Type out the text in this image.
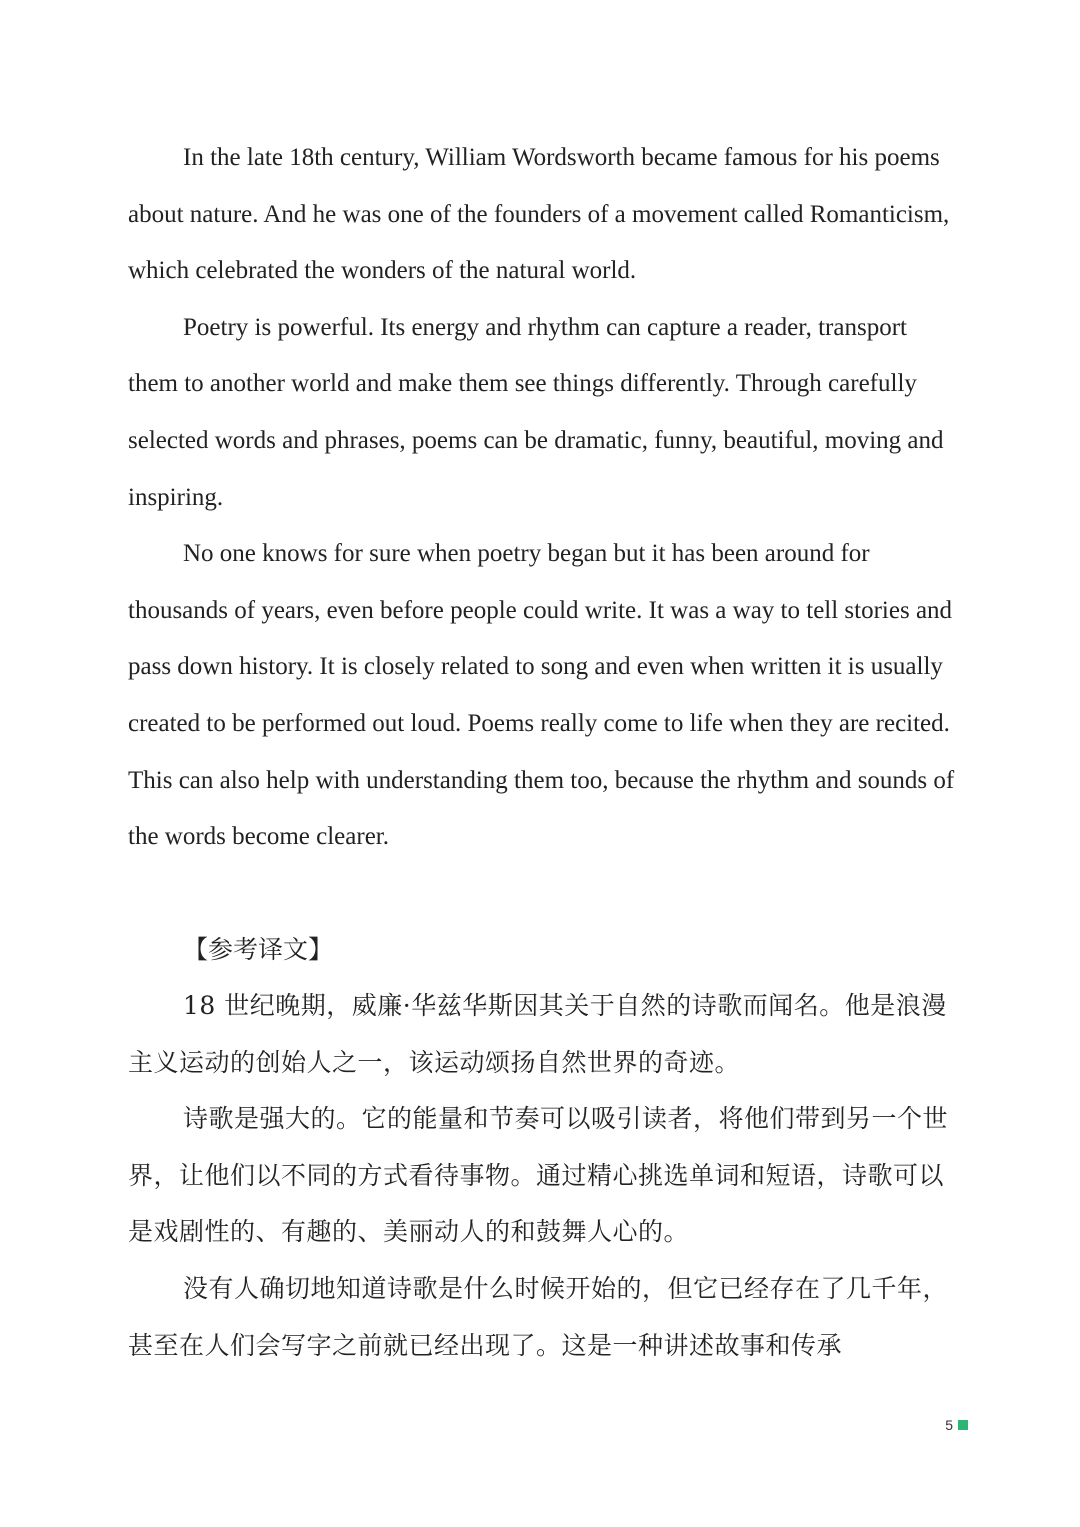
In the late 18th century, William Wordsworth became famous for his poems about nature. And he was one of the founders of a movement called Romanticism, which celebrated the wonders of the natural world.

Poetry is powerful. Its energy and rhythm can capture a reader, transport them to another world and make them see things differently. Through carefully selected words and phrases, poems can be dramatic, funny, beautiful, moving and inspiring.

No one knows for sure when poetry began but it has been around for thousands of years, even before people could write. It was a way to tell stories and pass down history. It is closely related to song and even when written it is usually created to be performed out loud. Poems really come to life when they are recited. This can also help with understanding them too, because the rhythm and sounds of the words become clearer.

【参考译文】

18 世纪晚期，威廉·华兹华斯因其关于自然的诗歌而闻名。他是浪漫主义运动的创始人之一，该运动颂扬自然世界的奇迹。

诗歌是强大的。它的能量和节奏可以吸引读者，将他们带到另一个世界，让他们以不同的方式看待事物。通过精心挑选单词和短语，诗歌可以是戏剧性的、有趣的、美丽动人的和鼓舞人心的。

没有人确切地知道诗歌是什么时候开始的，但它已经存在了几千年，甚至在人们会写字之前就已经出现了。这是一种讲述故事和传承

5
